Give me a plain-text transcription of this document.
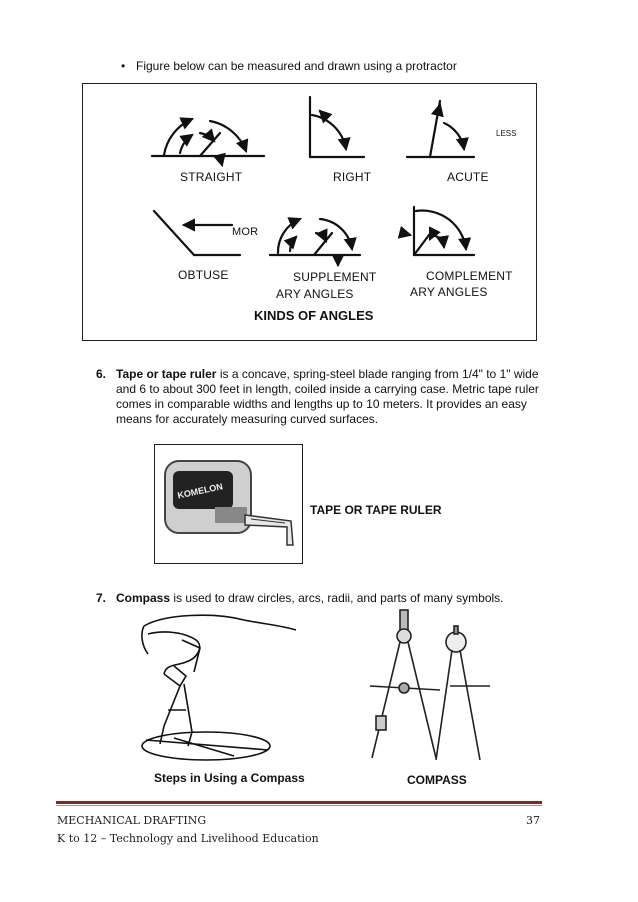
• Figure below can be measured and drawn using a protractor
STRAIGHT	RIGHT	ACUTE
LESS
OBTUSE
MOR
SUPPLEMENT
ARY ANGLES
COMPLEMENT
ARY ANGLES
KINDS OF ANGLES
6. Tape or tape ruler is a concave, spring-steel blade ranging from 1/4" to 1" wide
and 6 to about 300 feet in length, coiled inside a carrying case. Metric tape ruler
comes in comparable widths and lengths up to 10 meters. It provides an easy
means for accurately measuring curved surfaces.
KOMELON
TAPE OR TAPE RULER
7. Compass is used to draw circles, arcs, radii, and parts of many symbols.
Steps in Using a Compass	COMPASS
MECHANICAL DRAFTING
K to 12 – Technology and Livelihood Education
37
